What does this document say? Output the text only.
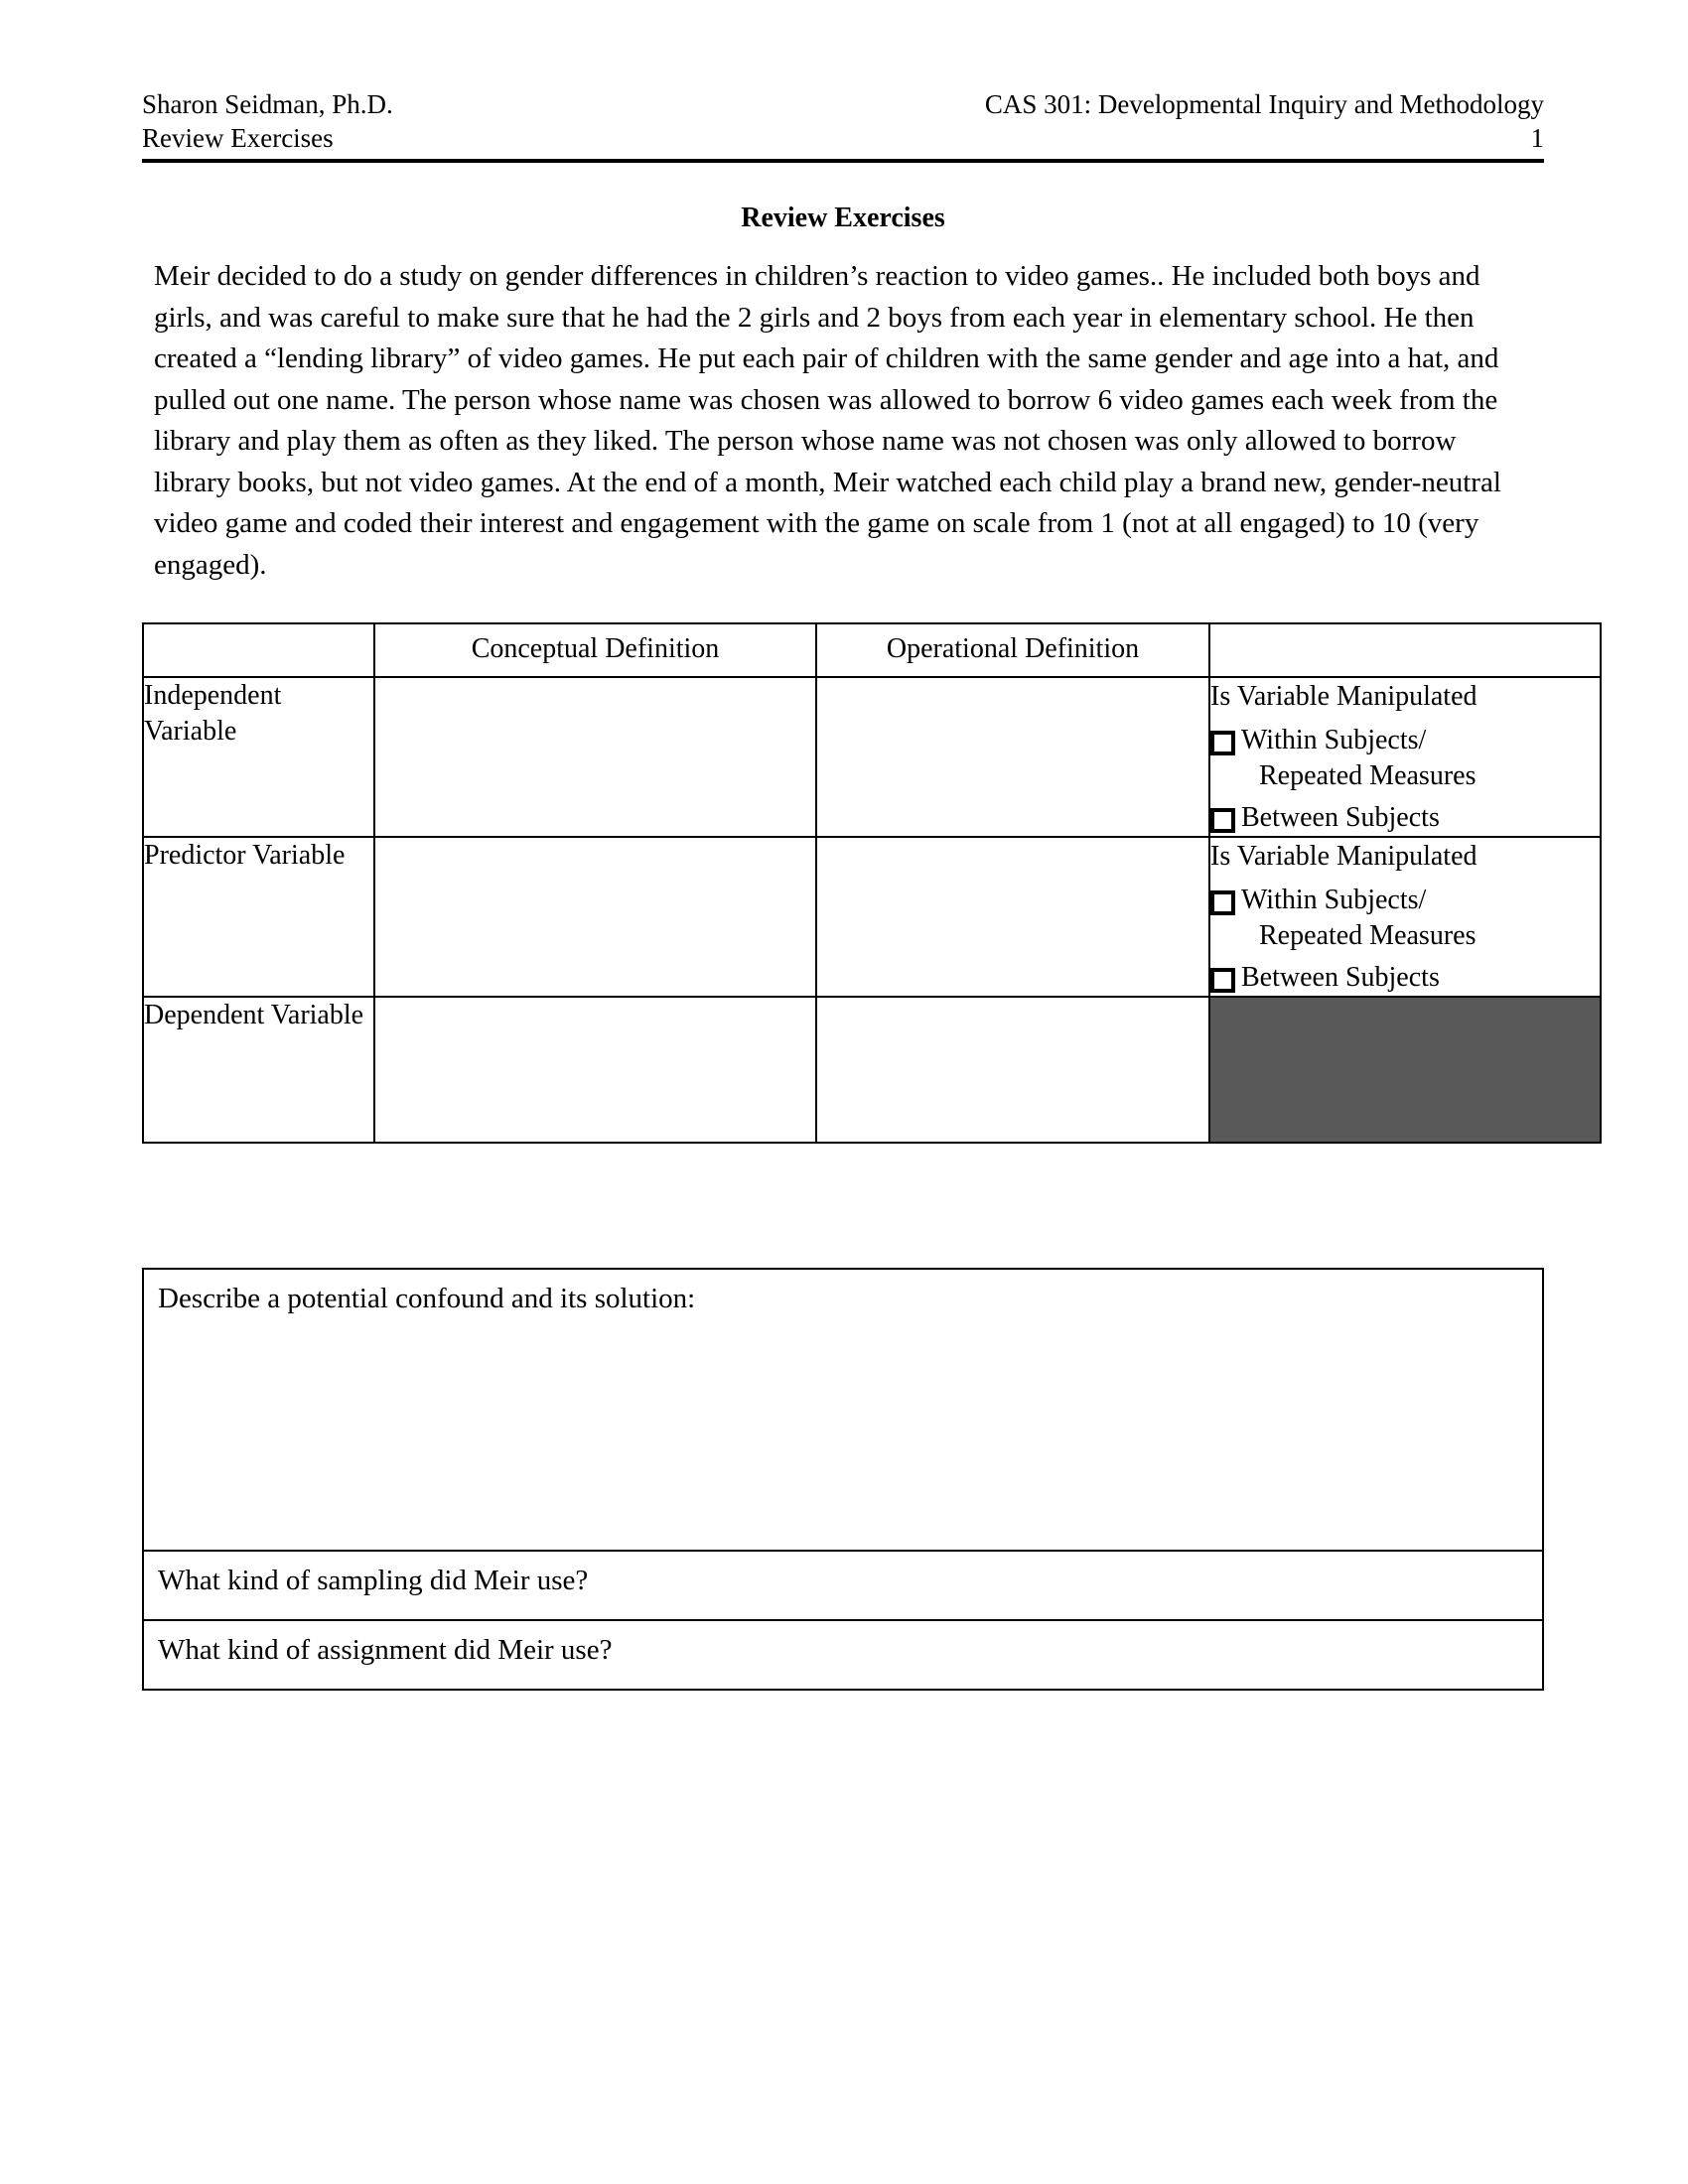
Sharon Seidman, Ph.D.	CAS 301: Developmental Inquiry and Methodology
Review Exercises	1
Review Exercises
Meir decided to do a study on gender differences in children’s reaction to video games.. He included both boys and girls, and was careful to make sure that he had the 2 girls and 2 boys from each year in elementary school. He then created a “lending library” of video games. He put each pair of children with the same gender and age into a hat, and pulled out one name. The person whose name was chosen was allowed to borrow 6 video games each week from the library and play them as often as they liked. The person whose name was not chosen was only allowed to borrow library books, but not video games. At the end of a month, Meir watched each child play a brand new, gender-neutral video game and coded their interest and engagement with the game on scale from 1 (not at all engaged) to 10 (very engaged).
	Conceptual Definition	Operational Definition	
Independent Variable			Is Variable Manipulated
Within Subjects/
Repeated Measures
Between Subjects

Predictor Variable			Is Variable Manipulated
Within Subjects/
Repeated Measures
Between Subjects

Dependent Variable			
Describe a potential confound and its solution:
What kind of sampling did Meir use?
What kind of assignment did Meir use?
